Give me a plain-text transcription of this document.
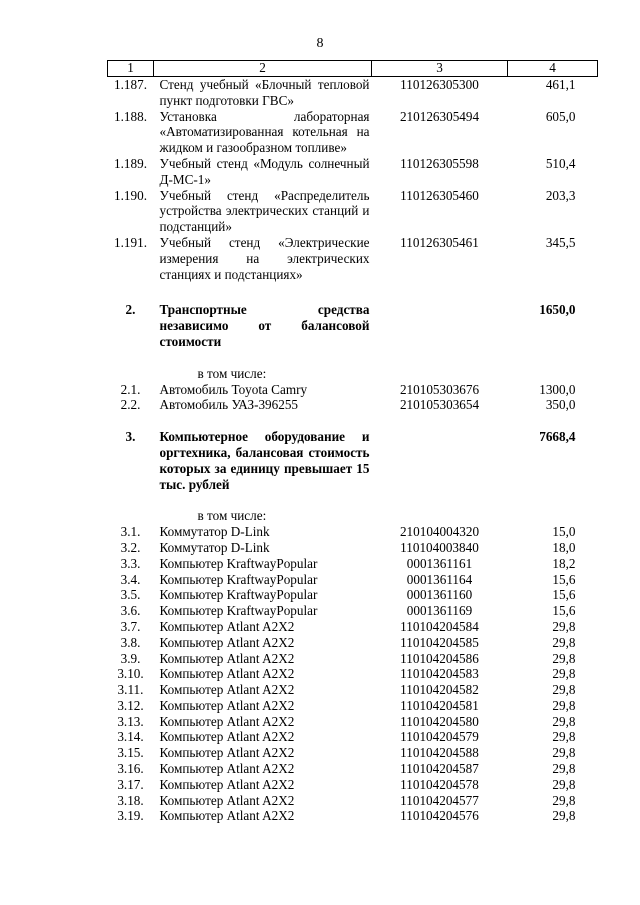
8
1	2	3	4
1.187.	Стенд учебный «Блочный тепловой пункт подготовки ГВС»	110126305300	461,1
1.188.	Установка лабораторная «Автоматизированная котельная на жидком и газообразном топливе»	210126305494	605,0
1.189.	Учебный стенд «Модуль солнечный Д-МС-1»	110126305598	510,4
1.190.	Учебный стенд «Распределитель устройства электрических станций и подстанций»	110126305460	203,3
1.191.	Учебный стенд «Электрические измерения на электрических станциях и подстанциях»	110126305461	345,5

2.	Транспортные средства независимо от балансовой стоимости		1650,0

	в том числе:		
2.1.	Автомобиль Toyota Camry	210105303676	1300,0
2.2.	Автомобиль УАЗ-396255	210105303654	350,0

3.	Компьютерное оборудование и оргтехника, балансовая стоимость которых за единицу превышает 15 тыс. рублей		7668,4

	в том числе:		
3.1.	Коммутатор D-Link	210104004320	15,0
3.2.	Коммутатор D-Link	110104003840	18,0
3.3.	Компьютер KraftwayPopular	0001361161	18,2
3.4.	Компьютер KraftwayPopular	0001361164	15,6
3.5.	Компьютер KraftwayPopular	0001361160	15,6
3.6.	Компьютер KraftwayPopular	0001361169	15,6
3.7.	Компьютер Atlant A2X2	110104204584	29,8
3.8.	Компьютер Atlant A2X2	110104204585	29,8
3.9.	Компьютер Atlant A2X2	110104204586	29,8
3.10.	Компьютер Atlant A2X2	110104204583	29,8
3.11.	Компьютер Atlant A2X2	110104204582	29,8
3.12.	Компьютер Atlant A2X2	110104204581	29,8
3.13.	Компьютер Atlant A2X2	110104204580	29,8
3.14.	Компьютер Atlant A2X2	110104204579	29,8
3.15.	Компьютер Atlant A2X2	110104204588	29,8
3.16.	Компьютер Atlant A2X2	110104204587	29,8
3.17.	Компьютер Atlant A2X2	110104204578	29,8
3.18.	Компьютер Atlant A2X2	110104204577	29,8
3.19.	Компьютер Atlant A2X2	110104204576	29,8
